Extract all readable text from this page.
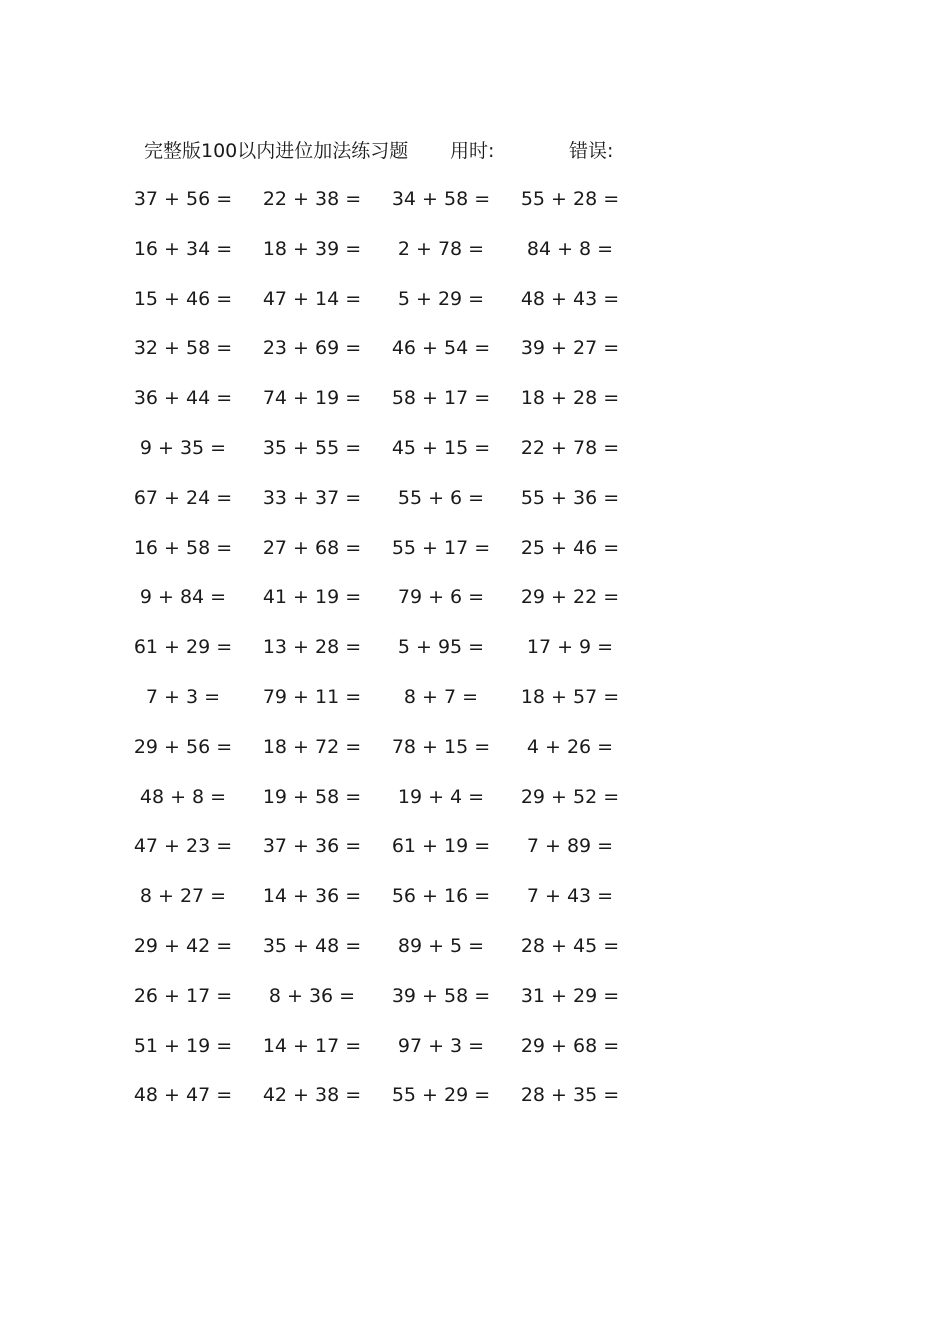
完整版100以内进位加法练习题 用时:	错误:
37 + 56 =	22 + 38 =	34 + 58 =	55 + 28 =
16 + 34 =	18 + 39 =	2 + 78 =	84 + 8 =
15 + 46 =	47 + 14 =	5 + 29 =	48 + 43 =
32 + 58 =	23 + 69 =	46 + 54 =	39 + 27 =
36 + 44 =	74 + 19 =	58 + 17 =	18 + 28 =
9 + 35 =	35 + 55 =	45 + 15 =	22 + 78 =
67 + 24 =	33 + 37 =	55 + 6 =	55 + 36 =
16 + 58 =	27 + 68 =	55 + 17 =	25 + 46 =
9 + 84 =	41 + 19 =	79 + 6 =	29 + 22 =
61 + 29 =	13 + 28 =	5 + 95 =	17 + 9 =
7 + 3 =	79 + 11 =	8 + 7 =	18 + 57 =
29 + 56 =	18 + 72 =	78 + 15 =	4 + 26 =
48 + 8 =	19 + 58 =	19 + 4 =	29 + 52 =
47 + 23 =	37 + 36 =	61 + 19 =	7 + 89 =
8 + 27 =	14 + 36 =	56 + 16 =	7 + 43 =
29 + 42 =	35 + 48 =	89 + 5 =	28 + 45 =
26 + 17 =	8 + 36 =	39 + 58 =	31 + 29 =
51 + 19 =	14 + 17 =	97 + 3 =	29 + 68 =
48 + 47 =	42 + 38 =	55 + 29 =	28 + 35 =
